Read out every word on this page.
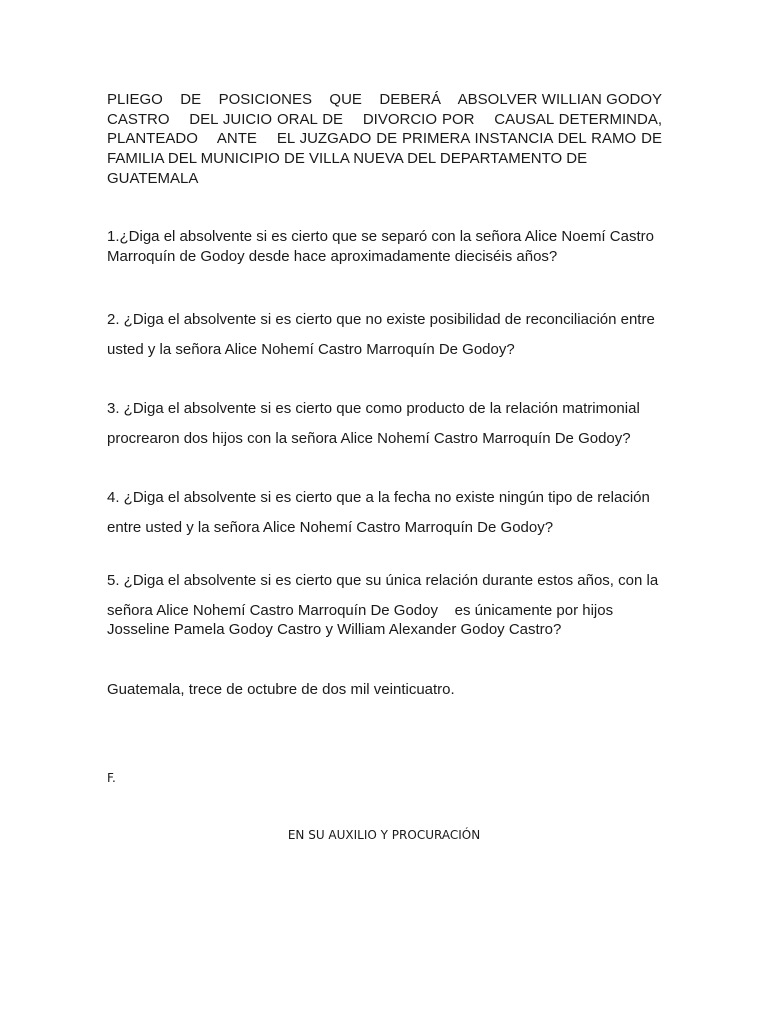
PLIEGO    DE    POSICIONES    QUE    DEBERÁ    ABSOLVER WILLIAN GODOY
CASTRO    DEL JUICIO ORAL DE    DIVORCIO POR    CAUSAL DETERMINDA,
PLANTEADO    ANTE    EL JUZGADO DE PRIMERA INSTANCIA DEL RAMO DE
FAMILIA DEL MUNICIPIO DE VILLA NUEVA DEL DEPARTAMENTO DE
GUATEMALA

1.¿Diga el absolvente si es cierto que se separó con la señora Alice Noemí Castro
Marroquín de Godoy desde hace aproximadamente dieciséis años?

2. ¿Diga el absolvente si es cierto que no existe posibilidad de reconciliación entre
usted y la señora Alice Nohemí Castro Marroquín De Godoy?

3. ¿Diga el absolvente si es cierto que como producto de la relación matrimonial
procrearon dos hijos con la señora Alice Nohemí Castro Marroquín De Godoy?

4. ¿Diga el absolvente si es cierto que a la fecha no existe ningún tipo de relación
entre usted y la señora Alice Nohemí Castro Marroquín De Godoy?

5. ¿Diga el absolvente si es cierto que su única relación durante estos años, con la
señora Alice Nohemí Castro Marroquín De Godoy    es únicamente por hijos
Josseline Pamela Godoy Castro y William Alexander Godoy Castro?

Guatemala, trece de octubre de dos mil veinticuatro.

F.

EN SU AUXILIO Y PROCURACIÓN
